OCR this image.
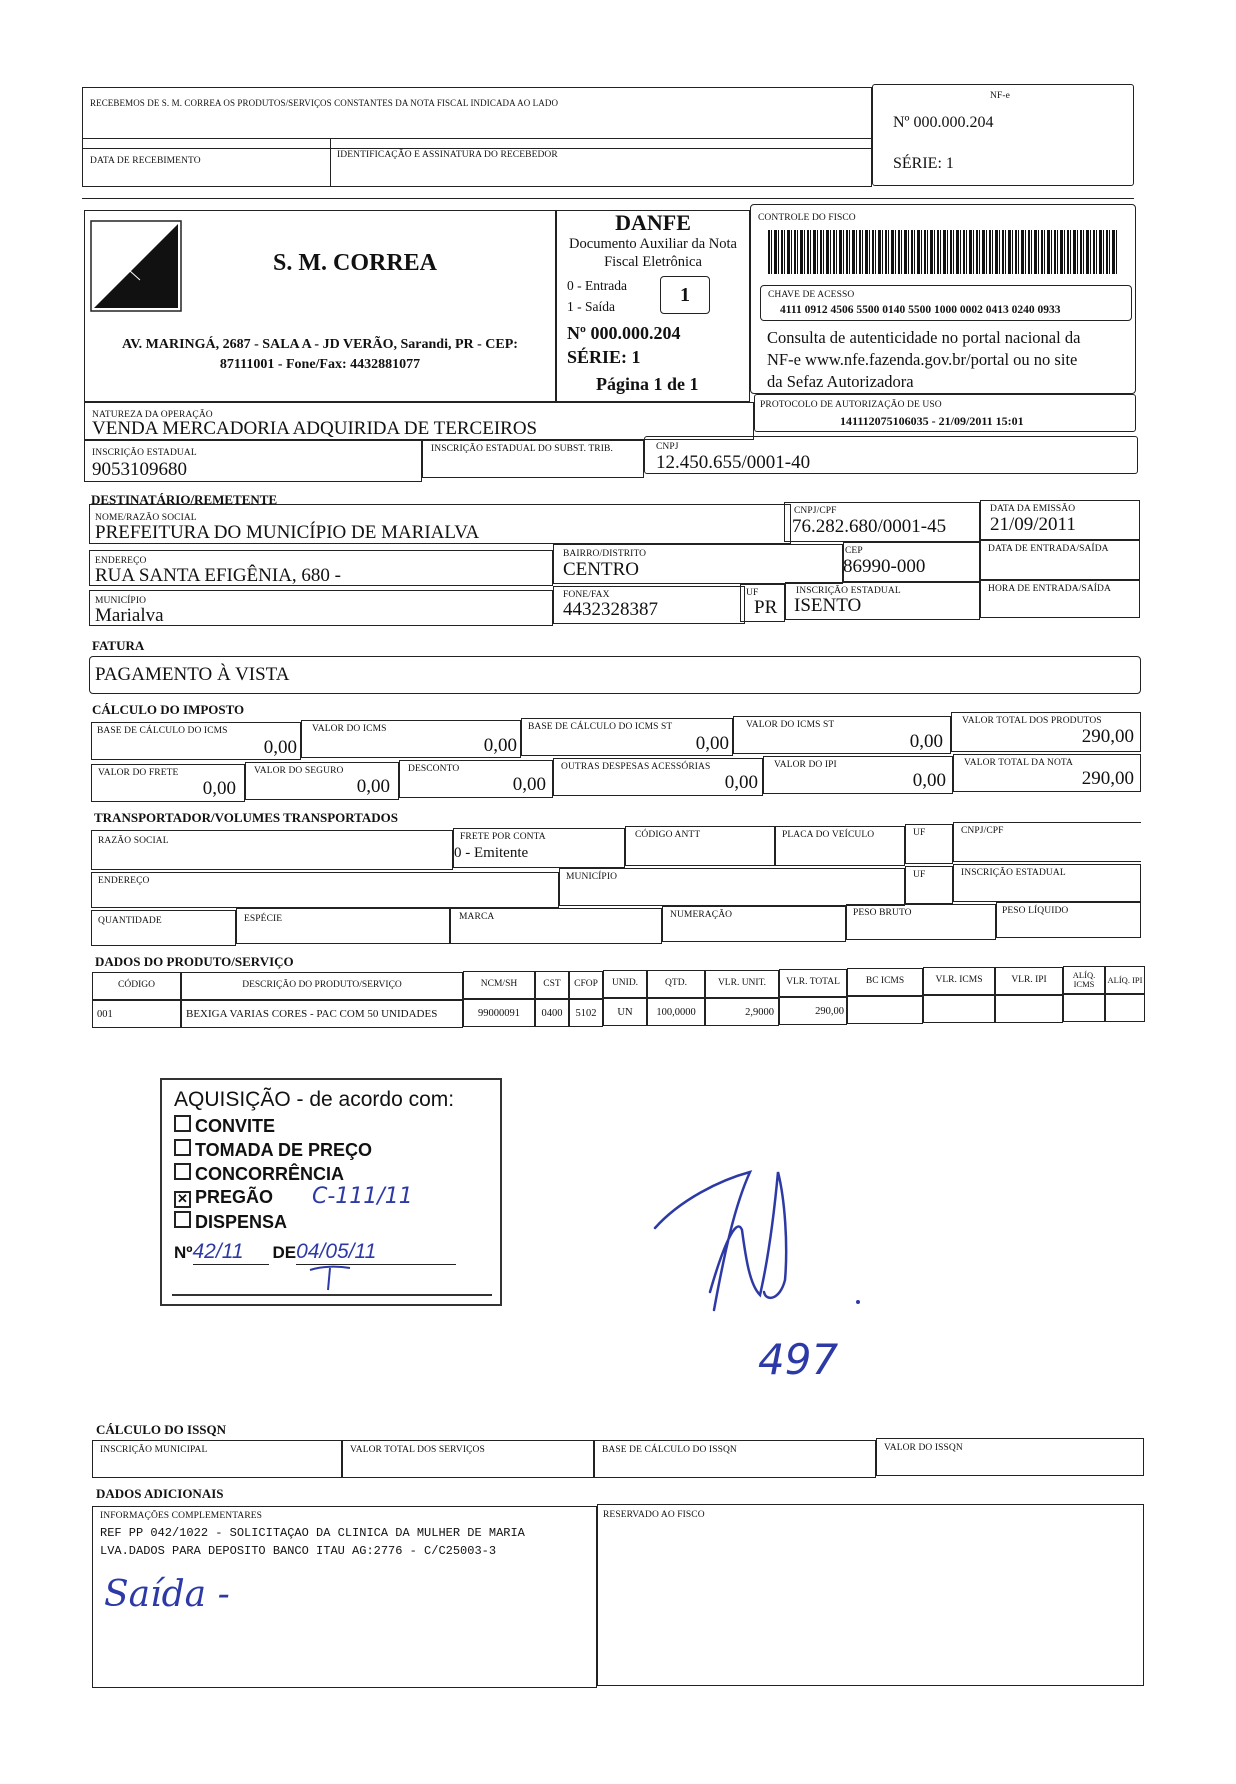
RECEBEMOS DE S. M. CORREA OS PRODUTOS/SERVIÇOS CONSTANTES DA NOTA FISCAL INDICADA AO LADO
DATA DE RECEBIMENTO
IDENTIFICAÇÃO E ASSINATURA DO RECEBEDOR
NF-e
Nº 000.000.204
SÉRIE: 1
S. M. CORREA
AV. MARINGÁ, 2687 - SALA A - JD VERÃO, Sarandi, PR - CEP:
87111001 - Fone/Fax: 4432881077
DANFE
Documento Auxiliar da Nota
Fiscal Eletrônica
0 - Entrada
1 - Saída
1
Nº 000.000.204
SÉRIE: 1
Página 1 de 1
CONTROLE DO FISCO
CHAVE DE ACESSO
4111 0912 4506 5500 0140 5500 1000 0002 0413 0240 0933
Consulta de autenticidade no portal nacional da
NF-e www.nfe.fazenda.gov.br/portal ou no site
da Sefaz Autorizadora
NATUREZA DA OPERAÇÃO
VENDA MERCADORIA ADQUIRIDA DE TERCEIROS
PROTOCOLO DE AUTORIZAÇÃO DE USO
141112075106035 - 21/09/2011 15:01
INSCRIÇÃO ESTADUAL
9053109680
INSCRIÇÃO ESTADUAL DO SUBST. TRIB.	CNPJ
12.450.655/0001-40
DESTINATÁRIO/REMETENTE
NOME/RAZÃO SOCIAL
PREFEITURA DO MUNICÍPIO DE MARIALVA
CNPJ/CPF
76.282.680/0001-45
DATA DA EMISSÃO
21/09/2011
ENDEREÇO
RUA SANTA EFIGÊNIA, 680 -
BAIRRO/DISTRITO
CENTRO
CEP
86990-000
DATA DE ENTRADA/SAÍDA
MUNICÍPIO
Marialva
FONE/FAX
4432328387
UF
PR
INSCRIÇÃO ESTADUAL
ISENTO
HORA DE ENTRADA/SAÍDA
FATURA
PAGAMENTO À VISTA
CÁLCULO DO IMPOSTO
BASE DE CÁLCULO DO ICMS
0,00
VALOR DO ICMS
0,00
BASE DE CÁLCULO DO ICMS ST
0,00
VALOR DO ICMS ST
0,00
VALOR TOTAL DOS PRODUTOS
290,00
VALOR DO FRETE
0,00
VALOR DO SEGURO
0,00
DESCONTO
0,00
OUTRAS DESPESAS ACESSÓRIAS
0,00
VALOR DO IPI
0,00
VALOR TOTAL DA NOTA
290,00
TRANSPORTADOR/VOLUMES TRANSPORTADOS
RAZÃO SOCIAL	FRETE POR CONTA
0 - Emitente
CÓDIGO ANTT	PLACA DO VEÍCULO	UF	CNPJ/CPF
ENDEREÇO	MUNICÍPIO	UF	INSCRIÇÃO ESTADUAL
QUANTIDADE	ESPÉCIE	MARCA	NUMERAÇÃO	PESO BRUTO	PESO LÍQUIDO
DADOS DO PRODUTO/SERVIÇO
CÓDIGO	DESCRIÇÃO DO PRODUTO/SERVIÇO	NCM/SH	CST	CFOP	UNID.	QTD.	VLR. UNIT.	VLR. TOTAL	BC ICMS	VLR. ICMS	VLR. IPI	ALÍQ. ICMS	ALÍQ. IPI
001	BEXIGA VARIAS CORES - PAC COM 50 UNIDADES	99000091	0400	5102	UN	100,0000	2,9000	290,00
AQUISIÇÃO - de acordo com:
CONVITE
TOMADA DE PREÇO
CONCORRÊNCIA
✕ PREGÃO C-111/11
DISPENSA
Nº42/11 DE04/05/11
497
CÁLCULO DO ISSQN
INSCRIÇÃO MUNICIPAL	VALOR TOTAL DOS SERVIÇOS	BASE DE CÁLCULO DO ISSQN	VALOR DO ISSQN
DADOS ADICIONAIS
INFORMAÇÕES COMPLEMENTARES
REF PP 042/1022 - SOLICITAÇAO DA CLINICA DA MULHER DE MARIA
LVA.DADOS PARA DEPOSITO BANCO ITAU AG:2776 - C/C25003-3
Saída -
RESERVADO AO FISCO
